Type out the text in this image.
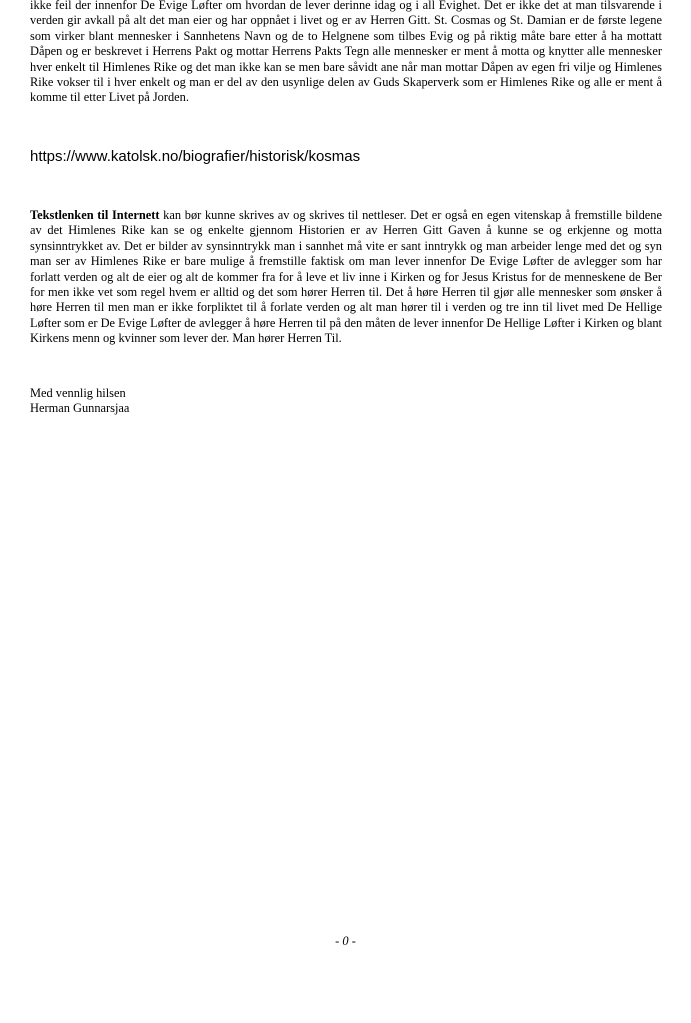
ikke feil der innenfor De Evige Løfter om hvordan de lever derinne idag og i all Evighet. Det er ikke det at man tilsvarende i verden gir avkall på alt det man eier og har oppnået i livet og er av Herren Gitt. St. Cosmas og St. Damian er de første legene som virker blant mennesker i Sannhetens Navn og de to Helgnene som tilbes Evig og på riktig måte bare etter å ha mottatt Dåpen og er beskrevet i Herrens Pakt og mottar Herrens Pakts Tegn alle mennesker er ment å motta og knytter alle mennesker hver enkelt til Himlenes Rike og det man ikke kan se men bare såvidt ane når man mottar Dåpen av egen fri vilje og Himlenes Rike vokser til i hver enkelt og man er del av den usynlige delen av Guds Skaperverk som er Himlenes Rike og alle er ment å komme til etter Livet på Jorden.

https://www.katolsk.no/biografier/historisk/kosmas

Tekstlenken til Internett kan bør kunne skrives av og skrives til nettleser. Det er også en egen vitenskap å fremstille bildene av det Himlenes Rike kan se og enkelte gjennom Historien er av Herren Gitt Gaven å kunne se og erkjenne og motta synsinntrykket av. Det er bilder av synsinntrykk man i sannhet må vite er sant inntrykk og man arbeider lenge med det og syn man ser av Himlenes Rike er bare mulige å fremstille faktisk om man lever innenfor De Evige Løfter de avlegger som har forlatt verden og alt de eier og alt de kommer fra for å leve et liv inne i Kirken og for Jesus Kristus for de menneskene de Ber for men ikke vet som regel hvem er alltid og det som hører Herren til. Det å høre Herren til gjør alle mennesker som ønsker å høre Herren til men man er ikke forpliktet til å forlate verden og alt man hører til i verden og tre inn til livet med De Hellige Løfter som er De Evige Løfter de avlegger å høre Herren til på den måten de lever innenfor De Hellige Løfter i Kirken og blant Kirkens menn og kvinner som lever der. Man hører Herren Til.

Med vennlig hilsen
Herman Gunnarsjaa

- 0 -
